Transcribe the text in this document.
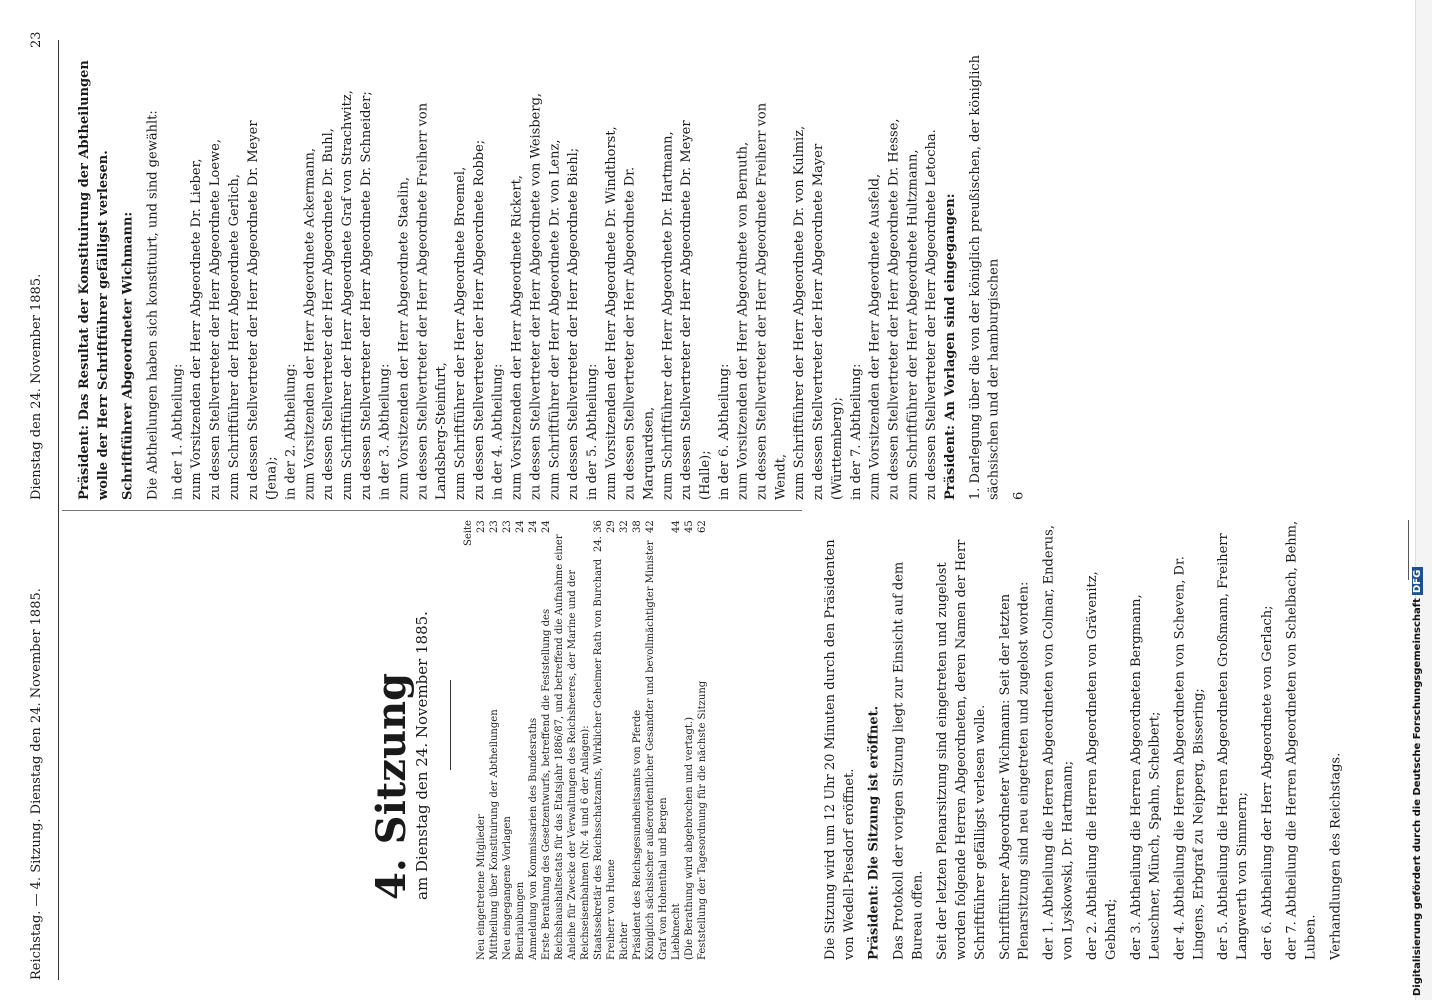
Reichstag. — 4. Sitzung. Dienstag den 24. November 1885.
Dienstag den 24. November 1885.
23
4. Sitzung
am Dienstag den 24. November 1885.
Seite
Neu eingetretene Mitglieder
23
Mittheilung über Konstituirung der Abtheilungen
23
Neu eingegangene Vorlagen
23
Beurlaubungen
24
Anmeldung von Kommissarien des Bundesraths
24
Erste Berathung des Gesetzentwurfs, betreffend die Feststellung des Reichshaushaltsetats für das Etatsjahr 1886/87, und betreffend die Aufnahme einer Anleihe für Zwecke der Verwaltungen des Reichsheeres, der Marine und der Reichseisenbahnen (Nr. 4 und 6 der Anlagen):
24
Staatssekretär des Reichsschatzamts, Wirklicher Geheimer Rath von Burchard
24. 36
Freiherr von Huene
29
Richter
32
Präsident des Reichsgesundheitsamts von Pferde
38
Königlich sächsischer außerordentlicher Gesandter und bevollmächtigter Minister Graf von Hohenthal und Bergen
42
Liebknecht
44
(Die Berathung wird abgebrochen und vertagt.)
45
Feststellung der Tagesordnung für die nächste Sitzung
62
Die Sitzung wird um 12 Uhr 20 Minuten durch den Präsidenten von Wedell-Piesdorf eröffnet. Präsident: Die Sitzung ist eröffnet. Das Protokoll der vorigen Sitzung liegt zur Einsicht auf dem Bureau offen. Seit der letzten Plenarsitzung sind eingetreten und zugelost worden folgende Herren Abgeordneten, deren Namen der Herr Schriftführer gefälligst verlesen wolle. Schriftführer Abgeordneter Wichmann: Seit der letzten Plenarsitzung sind neu eingetreten und zugelost worden: der 1. Abtheilung die Herren Abgeordneten von Colmar, Enderus, von Lyskowski, Dr. Hartmann; der 2. Abtheilung die Herren Abgeordneten von Grävenitz, Gebhard; der 3. Abtheilung die Herren Abgeordneten Bergmann, Leuschner, Münch, Spahn, Schelbert; der 4. Abtheilung die Herren Abgeordneten von Scheven, Dr. Lingens, Erbgraf zu Neipperg, Bissering; der 5. Abtheilung die Herren Abgeordneten Großmann, Freiherr Langwerth von Simmern; der 6. Abtheilung der Herr Abgeordnete von Gerlach; der 7. Abtheilung die Herren Abgeordneten von Schelbach, Behm, Luben. Verhandlungen des Reichstags.
Präsident: Das Resultat der Konstituirung der Abtheilungen wolle der Herr Schriftführer gefälligst verlesen. Schriftführer Abgeordneter Wichmann: Die Abtheilungen haben sich konstituirt, und sind gewählt: in der 1. Abtheilung: zum Vorsitzenden der Herr Abgeordnete Dr. Lieber, zu dessen Stellvertreter der Herr Abgeordnete Loewe, zum Schriftführer der Herr Abgeordnete Gerlich, zu dessen Stellvertreter der Herr Abgeordnete Dr. Meyer (Jena); in der 2. Abtheilung: zum Vorsitzenden der Herr Abgeordnete Ackermann, zu dessen Stellvertreter der Herr Abgeordnete Dr. Buhl, zum Schriftführer der Herr Abgeordnete Graf von Strachwitz, zu dessen Stellvertreter der Herr Abgeordnete Dr. Schneider; in der 3. Abtheilung: zum Vorsitzenden der Herr Abgeordnete Staelin, zu dessen Stellvertreter der Herr Abgeordnete Freiherr von Landsberg-Steinfurt, zum Schriftführer der Herr Abgeordnete Broemel, zu dessen Stellvertreter der Herr Abgeordnete Robbe; in der 4. Abtheilung: zum Vorsitzenden der Herr Abgeordnete Rickert, zu dessen Stellvertreter der Herr Abgeordnete von Weisberg, zum Schriftführer der Herr Abgeordnete Dr. von Lenz, zu dessen Stellvertreter der Herr Abgeordnete Biehl; in der 5. Abtheilung: zum Vorsitzenden der Herr Abgeordnete Dr. Windthorst, zu dessen Stellvertreter der Herr Abgeordnete Dr. Marquardsen, zum Schriftführer der Herr Abgeordnete Dr. Hartmann, zu dessen Stellvertreter der Herr Abgeordnete Dr. Meyer (Halle); in der 6. Abtheilung: zum Vorsitzenden der Herr Abgeordnete von Bernuth, zu dessen Stellvertreter der Herr Abgeordnete Freiherr von Wendt, zum Schriftführer der Herr Abgeordnete Dr. von Kulmiz, zu dessen Stellvertreter der Herr Abgeordnete Mayer (Württemberg); in der 7. Abtheilung: zum Vorsitzenden der Herr Abgeordnete Ausfeld, zu dessen Stellvertreter der Herr Abgeordnete Dr. Hesse, zum Schriftführer der Herr Abgeordnete Hultzmann, zu dessen Stellvertreter der Herr Abgeordnete Letocha. Präsident: An Vorlagen sind eingegangen: 1. Darlegung über die von der königlich preußischen, der königlich sächsischen und der hamburgischen 6
Digitalisierung gefördert durch die Deutsche Forschungsgemeinschaft DFG
